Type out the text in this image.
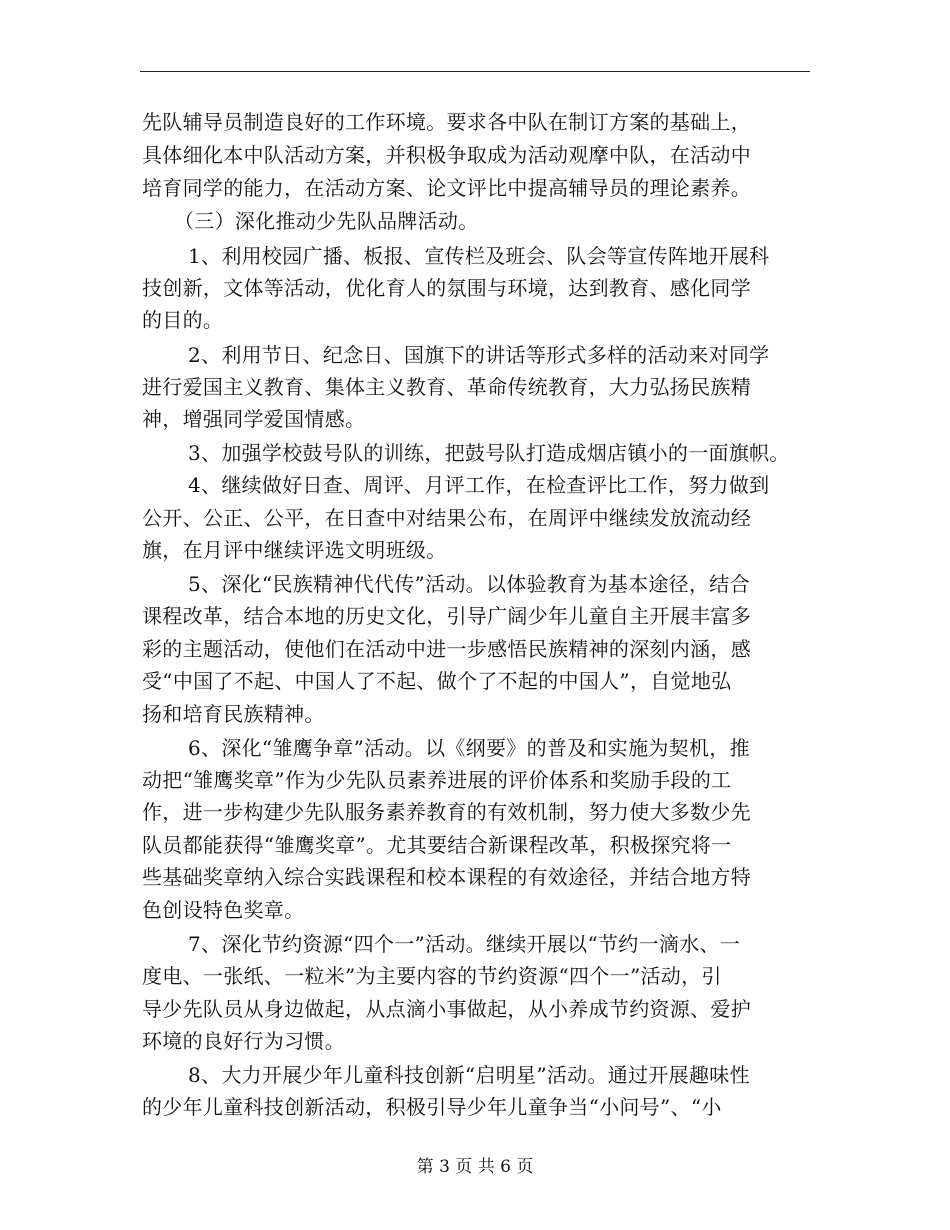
先队辅导员制造良好的工作环境。要求各中队在制订方案的基础上，
具体细化本中队活动方案，并积极争取成为活动观摩中队，在活动中
培育同学的能力，在活动方案、论文评比中提高辅导员的理论素养。
（三）深化推动少先队品牌活动。
1、利用校园广播、板报、宣传栏及班会、队会等宣传阵地开展科
技创新，文体等活动，优化育人的氛围与环境，达到教育、感化同学
的目的。
2、利用节日、纪念日、国旗下的讲话等形式多样的活动来对同学
进行爱国主义教育、集体主义教育、革命传统教育，大力弘扬民族精
神，增强同学爱国情感。
3、加强学校鼓号队的训练，把鼓号队打造成烟店镇小的一面旗帜。
4、继续做好日查、周评、月评工作，在检查评比工作，努力做到
公开、公正、公平，在日查中对结果公布，在周评中继续发放流动经
旗，在月评中继续评选文明班级。
5、深化“民族精神代代传”活动。以体验教育为基本途径，结合
课程改革，结合本地的历史文化，引导广阔少年儿童自主开展丰富多
彩的主题活动，使他们在活动中进一步感悟民族精神的深刻内涵，感
受“中国了不起、中国人了不起、做个了不起的中国人”，自觉地弘
扬和培育民族精神。
6、深化“雏鹰争章”活动。以《纲要》的普及和实施为契机，推
动把“雏鹰奖章”作为少先队员素养进展的评价体系和奖励手段的工
作，进一步构建少先队服务素养教育的有效机制，努力使大多数少先
队员都能获得“雏鹰奖章”。尤其要结合新课程改革，积极探究将一
些基础奖章纳入综合实践课程和校本课程的有效途径，并结合地方特
色创设特色奖章。
7、深化节约资源“四个一”活动。继续开展以“节约一滴水、一
度电、一张纸、一粒米”为主要内容的节约资源“四个一”活动，引
导少先队员从身边做起，从点滴小事做起，从小养成节约资源、爱护
环境的良好行为习惯。
8、大力开展少年儿童科技创新“启明星”活动。通过开展趣味性
的少年儿童科技创新活动，积极引导少年儿童争当“小问号”、“小
第 3 页 共 6 页
